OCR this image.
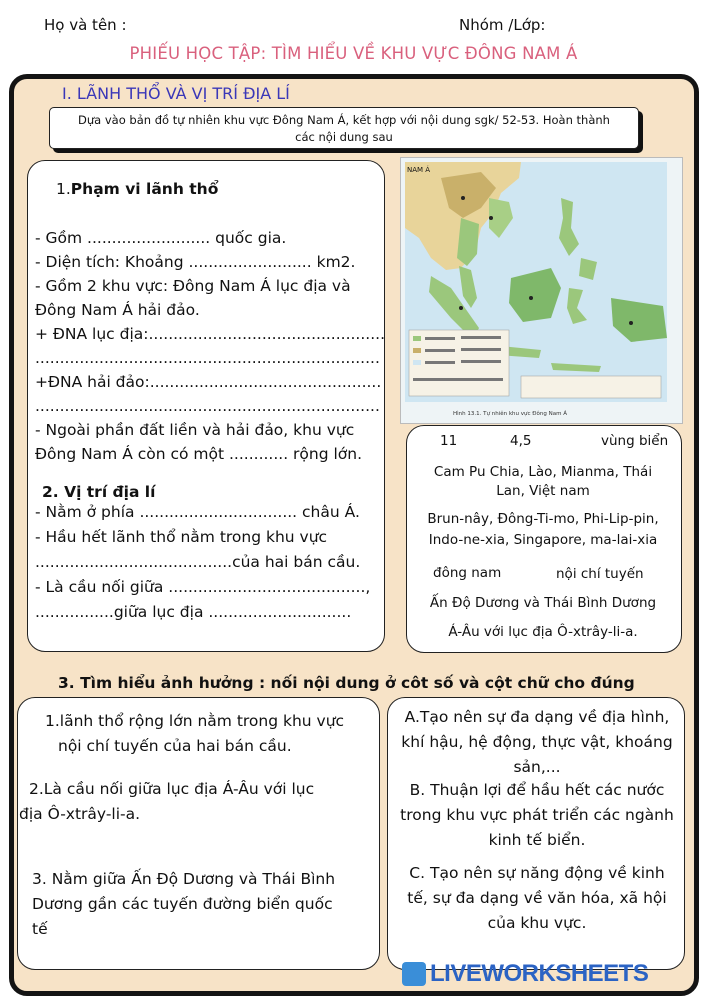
Họ và tên :	Nhóm /Lớp:
PHIẾU HỌC TẬP: TÌM HIỂU VỀ KHU VỰC ĐÔNG NAM Á
I. LÃNH THỔ VÀ VỊ TRÍ ĐỊA LÍ
Dựa vào bản đồ tự nhiên khu vực Đông Nam Á, kết hợp với nội dung sgk/ 52-53. Hoàn thành
các nội dung sau
1.Phạm vi lãnh thổ
- Gồm ......................... quốc gia.
- Diện tích: Khoảng ......................... km2.
- Gồm 2 khu vực: Đông Nam Á lục địa và
Đông Nam Á hải đảo.
+ ĐNA lục địa:................................................
......................................................................
+ĐNA hải đảo:...............................................
......................................................................
- Ngoài phần đất liền và hải đảo, khu vực
Đông Nam Á còn có một ............ rộng lớn.
2. Vị trí địa lí
- Nằm ở phía ................................ châu Á.
- Hầu hết lãnh thổ nằm trong khu vực
........................................của hai bán cầu.
- Là cầu nối giữa ........................................,
................giữa lục địa .............................
NAM Á
Hình 13.1. Tự nhiên khu vực Đông Nam Á
11	4,5	vùng biển
Cam Pu Chia, Lào, Mianma, Thái
Lan, Việt nam
Brun-nây, Đông-Ti-mo, Phi-Lip-pin,
Indo-ne-xia, Singapore, ma-lai-xia
đông nam	nội chí tuyến
Ấn Độ Dương và Thái Bình Dương
Á-Âu với lục địa Ô-xtrây-li-a.
3. Tìm hiểu ảnh hưởng : nối nội dung ở côt số và cột chữ cho đúng
1.lãnh thổ rộng lớn nằm trong khu vực
nội chí tuyến của hai bán cầu.
2.Là cầu nối giữa lục địa Á-Âu với lục
địa Ô-xtrây-li-a.
3. Nằm giữa Ấn Độ Dương và Thái Bình
Dương gần các tuyến đường biển quốc
tế
A.Tạo nên sự đa dạng về địa hình,
khí hậu, hệ động, thực vật, khoáng
sản,...
B. Thuận lợi để hầu hết các nước
trong khu vực phát triển các ngành
kinh tế biển.
C. Tạo nên sự năng động về kinh
tế, sự đa dạng về văn hóa, xã hội
của khu vực.
LIVEWORKSHEETS
